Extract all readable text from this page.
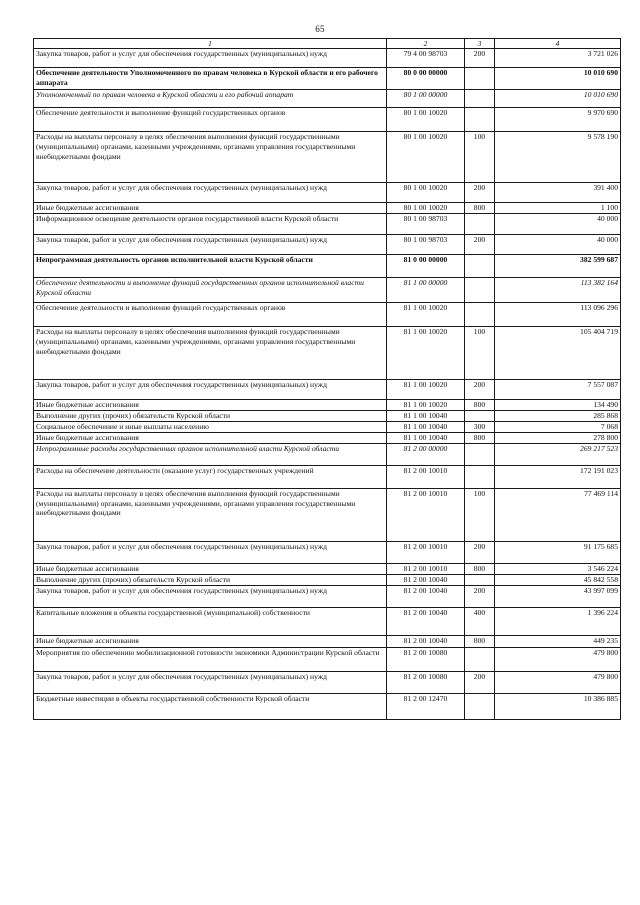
65
1	2	3	4
Закупка товаров, работ и услуг для обеспечения государственных (муниципальных) нужд	79 4 00 98703	200	3 721 026
Обеспечение деятельности Уполномоченного по правам человека в Курской области и его рабочего аппарата	80 0 00 00000		10 010 690
Уполномоченный по правам человека в Курской области и его рабочий аппарат	80 1 00 00000		10 010 690
Обеспечение деятельности и выполнение функций государственных органов	80 1 00 10020		9 970 690
Расходы на выплаты персоналу в целях обеспечения выполнения функций государственными (муниципальными) органами, казенными учреждениями, органами управления государственными внебюджетными фондами	80 1 00 10020	100	9 578 190
Закупка товаров, работ и услуг для обеспечения государственных (муниципальных) нужд	80 1 00 10020	200	391 400
Иные бюджетные ассигнования	80 1 00 10020	800	1 100
Информационное освещение деятельности органов государственной власти Курской области	80 1 00 98703		40 000
Закупка товаров, работ и услуг для обеспечения государственных (муниципальных) нужд	80 1 00 98703	200	40 000
Непрограммная деятельность органов исполнительной власти Курской области	81 0 00 00000		382 599 687
Обеспечение деятельности и выполнение функций государственных органов исполнительной власти Курской области	81 1 00 00000		113 382 164
Обеспечение деятельности и выполнение функций государственных органов	81 1 00 10020		113 096 296
Расходы на выплаты персоналу в целях обеспечения выполнения функций государственными (муниципальными) органами, казенными учреждениями, органами управления государственными внебюджетными фондами	81 1 00 10020	100	105 404 719
Закупка товаров, работ и услуг для обеспечения государственных (муниципальных) нужд	81 1 00 10020	200	7 557 087
Иные бюджетные ассигнования	81 1 00 10020	800	134 490
Выполнение других (прочих) обязательств Курской области	81 1 00 10040		285 868
Социальное обеспечение и иные выплаты населению	81 1 00 10040	300	7 068
Иные бюджетные ассигнования	81 1 00 10040	800	278 800
Непрограммные расходы государственных органов исполнительной власти Курской области	81 2 00 00000		269 217 523
Расходы на обеспечение деятельности (оказание услуг) государственных учреждений	81 2 00 10010		172 191 023
Расходы на выплаты персоналу в целях обеспечения выполнения функций государственными (муниципальными) органами, казенными учреждениями, органами управления государственными внебюджетными фондами	81 2 00 10010	100	77 469 114
Закупка товаров, работ и услуг для обеспечения государственных (муниципальных) нужд	81 2 00 10010	200	91 175 685
Иные бюджетные ассигнования	81 2 00 10010	800	3 546 224
Выполнение других (прочих) обязательств Курской области	81 2 00 10040		45 842 558
Закупка товаров, работ и услуг для обеспечения государственных (муниципальных) нужд	81 2 00 10040	200	43 997 099
Капитальные вложения в объекты государственной (муниципальной) собственности	81 2 00 10040	400	1 396 224
Иные бюджетные ассигнования	81 2 00 10040	800	449 235
Мероприятия по обеспечению мобилизационной готовности экономики Администрации Курской области	81 2 00 10080		479 800
Закупка товаров, работ и услуг для обеспечения государственных (муниципальных) нужд	81 2 00 10080	200	479 800
Бюджетные инвестиции в объекты государственной собственности Курской области	81 2 00 12470		10 386 885
